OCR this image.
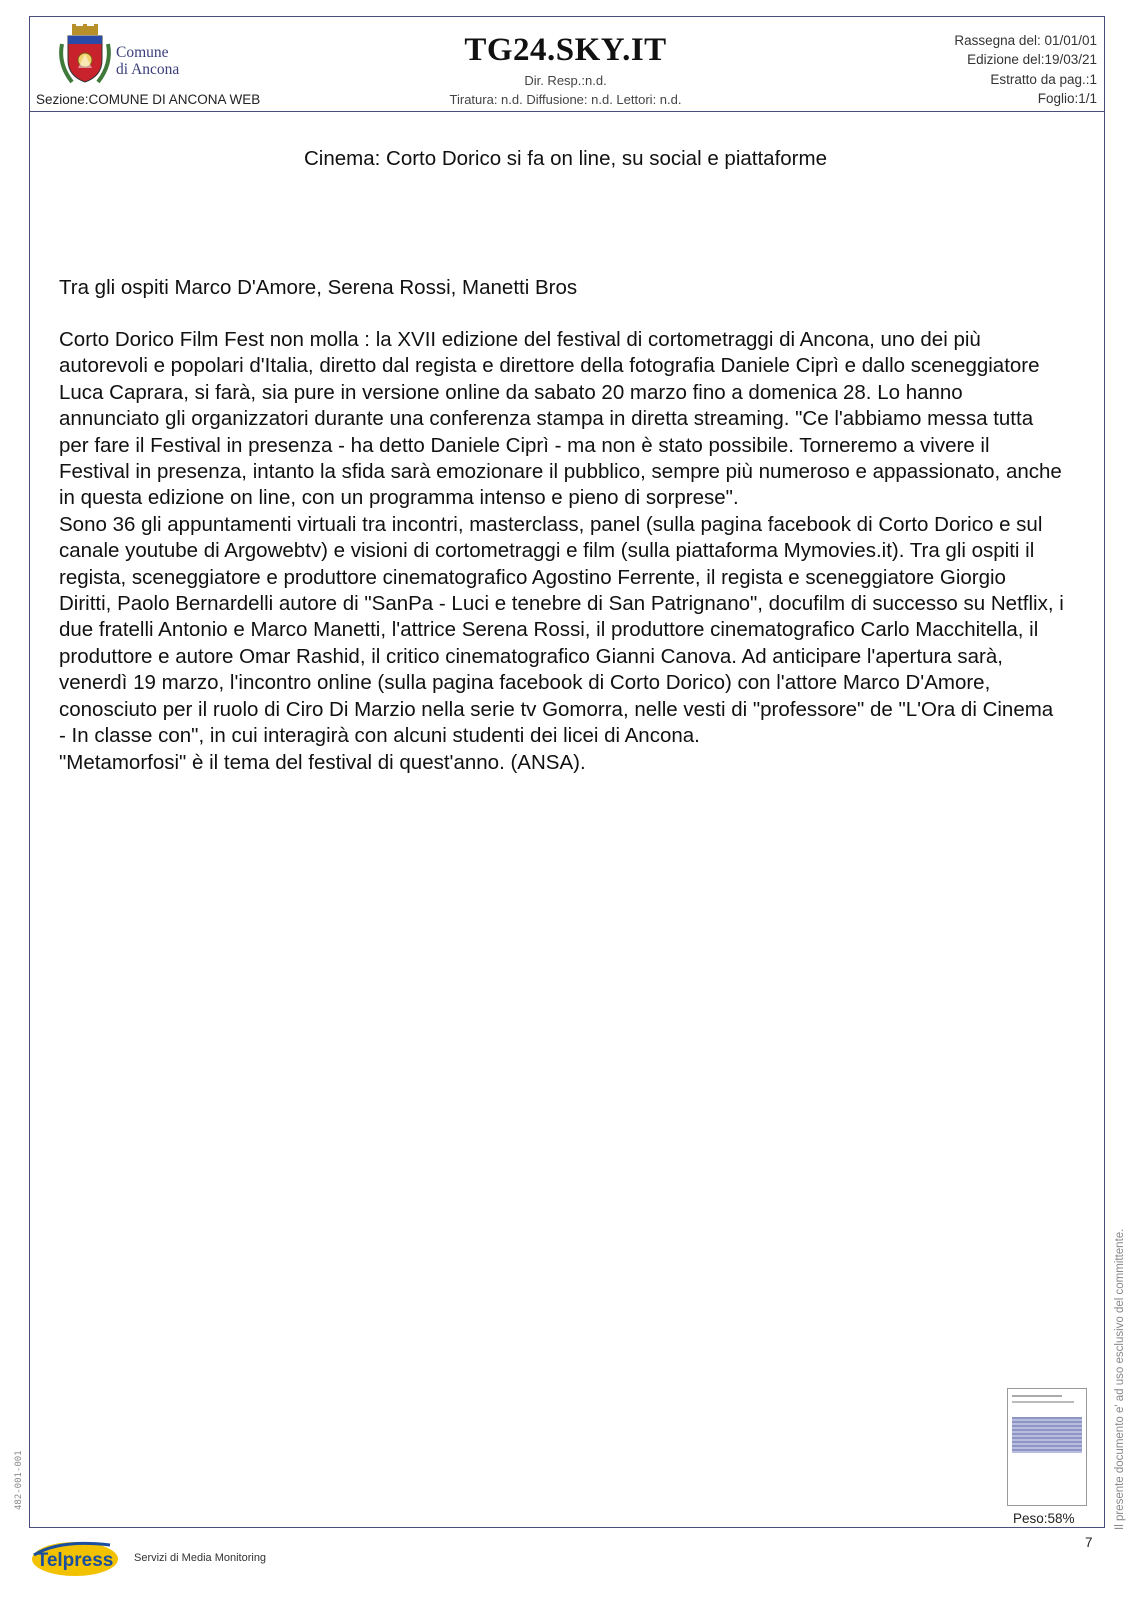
Comune
di Ancona
Sezione:COMUNE DI ANCONA WEB
TG24.SKY.IT
Dir. Resp.:n.d.
Tiratura: n.d. Diffusione: n.d. Lettori: n.d.
Rassegna del: 01/01/01
Edizione del:19/03/21
Estratto da pag.:1
Foglio:1/1
Cinema: Corto Dorico si fa on line, su social e piattaforme
Tra gli ospiti Marco D'Amore, Serena Rossi, Manetti Bros

Corto Dorico Film Fest non molla : la XVII edizione del festival di cortometraggi di Ancona, uno dei più autorevoli e popolari d'Italia, diretto dal regista e direttore della fotografia Daniele Ciprì e dallo sceneggiatore Luca Caprara, si farà, sia pure in versione online da sabato 20 marzo fino a domenica 28. Lo hanno annunciato gli organizzatori durante una conferenza stampa in diretta streaming. "Ce l'abbiamo messa tutta per fare il Festival in presenza - ha detto Daniele Ciprì - ma non è stato possibile. Torneremo a vivere il Festival in presenza, intanto la sfida sarà emozionare il pubblico, sempre più numeroso e appassionato, anche in questa edizione on line, con un programma intenso e pieno di sorprese".

Sono 36 gli appuntamenti virtuali tra incontri, masterclass, panel (sulla pagina facebook di Corto Dorico e sul canale youtube di Argowebtv) e visioni di cortometraggi e film (sulla piattaforma Mymovies.it). Tra gli ospiti il regista, sceneggiatore e produttore cinematografico Agostino Ferrente, il regista e sceneggiatore Giorgio Diritti, Paolo Bernardelli autore di "SanPa - Luci e tenebre di San Patrignano", docufilm di successo su Netflix, i due fratelli Antonio e Marco Manetti, l'attrice Serena Rossi, il produttore cinematografico Carlo Macchitella, il produttore e autore Omar Rashid, il critico cinematografico Gianni Canova. Ad anticipare l'apertura sarà, venerdì 19 marzo, l'incontro online (sulla pagina facebook di Corto Dorico) con l'attore Marco D'Amore, conosciuto per il ruolo di Ciro Di Marzio nella serie tv Gomorra, nelle vesti di "professore" de "L'Ora di Cinema - In classe con", in cui interagirà con alcuni studenti dei licei di Ancona.

"Metamorfosi" è il tema del festival di quest'anno. (ANSA).

Il presente documento e' ad uso esclusivo del committente.
482-001-001
Peso:58%
7
Telpress Servizi di Media Monitoring
